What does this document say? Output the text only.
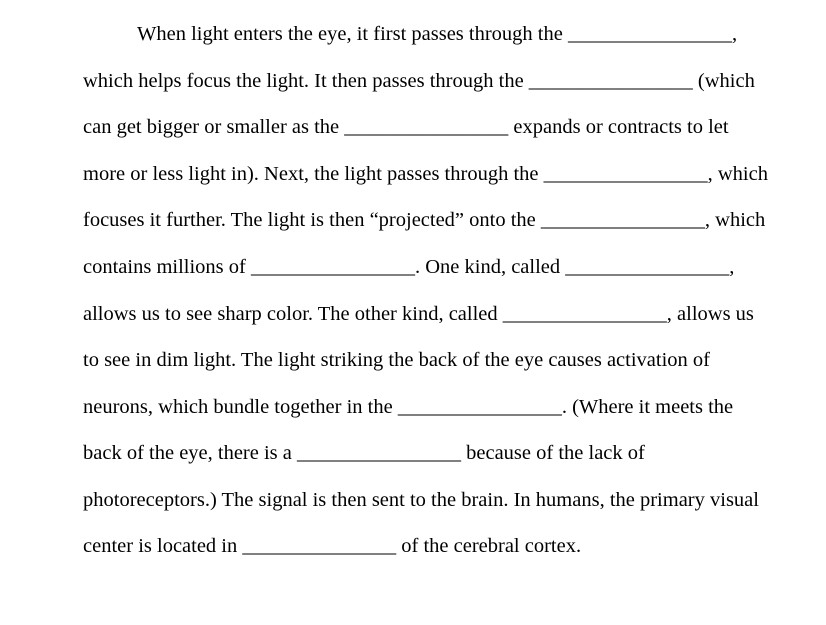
When light enters the eye, it first passes through the ________________,
which helps focus the light. It then passes through the ________________ (which
can get bigger or smaller as the ________________ expands or contracts to let
more or less light in). Next, the light passes through the ________________, which
focuses it further. The light is then “projected” onto the ________________, which
contains millions of ________________. One kind, called ________________,
allows us to see sharp color. The other kind, called ________________, allows us
to see in dim light. The light striking the back of the eye causes activation of
neurons, which bundle together in the ________________. (Where it meets the
back of the eye, there is a ________________ because of the lack of
photoreceptors.) The signal is then sent to the brain. In humans, the primary visual
center is located in _______________ of the cerebral cortex.
